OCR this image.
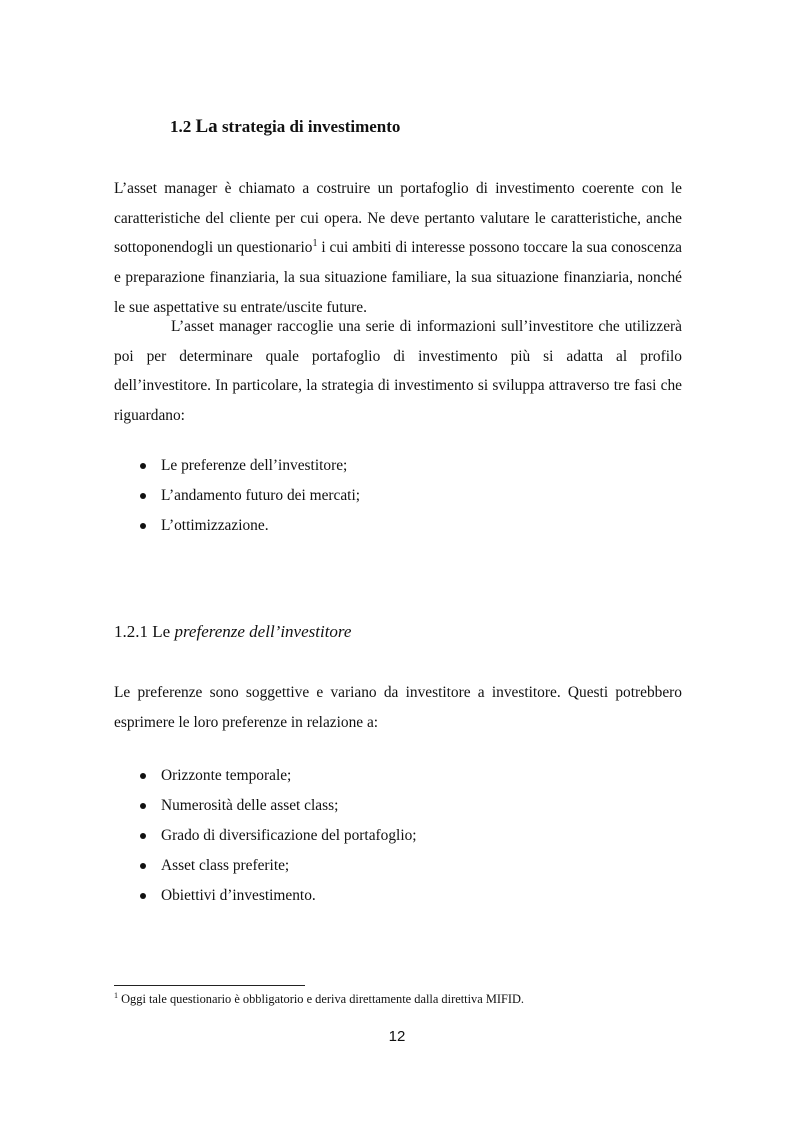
1.2 La strategia di investimento

L’asset manager è chiamato a costruire un portafoglio di investimento coerente con le caratteristiche del cliente per cui opera. Ne deve pertanto valutare le caratteristiche, anche sottoponendogli un questionario$^1$ i cui ambiti di interesse possono toccare la sua conoscenza e preparazione finanziaria, la sua situazione familiare, la sua situazione finanziaria, nonché le sue aspettative su entrate/uscite future.

L’asset manager raccoglie una serie di informazioni sull’investitore che utilizzerà poi per determinare quale portafoglio di investimento più si adatta al profilo dell’investitore. In particolare, la strategia di investimento si sviluppa attraverso tre fasi che riguardano:

Le preferenze dell’investitore;
L’andamento futuro dei mercati;
L’ottimizzazione.
1.2.1 Le preferenze dell’investitore

Le preferenze sono soggettive e variano da investitore a investitore. Questi potrebbero esprimere le loro preferenze in relazione a:

Orizzonte temporale;
Numerosità delle asset class;
Grado di diversificazione del portafoglio;
Asset class preferite;
Obiettivi d’investimento.
$^1$ Oggi tale questionario è obbligatorio e deriva direttamente dalla direttiva MIFID.
12
